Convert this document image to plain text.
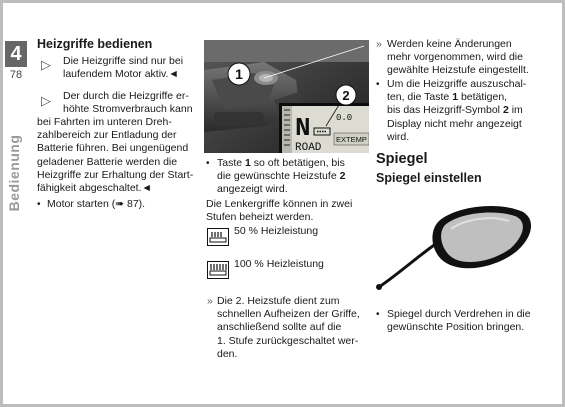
4
78
Bedienung
Heizgriffe bedienen
▷ Die Heizgriffe sind nur bei
laufendem Motor aktiv.◄
▷ Der durch die Heizgriffe er-
höhte Stromverbrauch kann
bei Fahrten im unteren Dreh-
zahlbereich zur Entladung der
Batterie führen. Bei ungenügend
geladener Batterie werden die
Heizgriffe zur Erhaltung der Start-
fähigkeit abgeschaltet.◄
• Motor starten (➠ 87).
N
ROAD
0.0
EXTEMP
1
2
• Taste 1 so oft betätigen, bis
die gewünschte Heizstufe 2
angezeigt wird.
Die Lenkergriffe können in zwei
Stufen beheizt werden.
50 % Heizleistung
100 % Heizleistung
» Die 2. Heizstufe dient zum
schnellen Aufheizen der Griffe,
anschließend sollte auf die
1. Stufe zurückgeschaltet wer-
den.
» Werden keine Änderungen
mehr vorgenommen, wird die
gewählte Heizstufe eingestellt.
• Um die Heizgriffe auszuschal-
ten, die Taste 1 betätigen,
bis das Heizgriff-Symbol 2 im
Display nicht mehr angezeigt
wird.
Spiegel
Spiegel einstellen
• Spiegel durch Verdrehen in die
gewünschte Position bringen.
